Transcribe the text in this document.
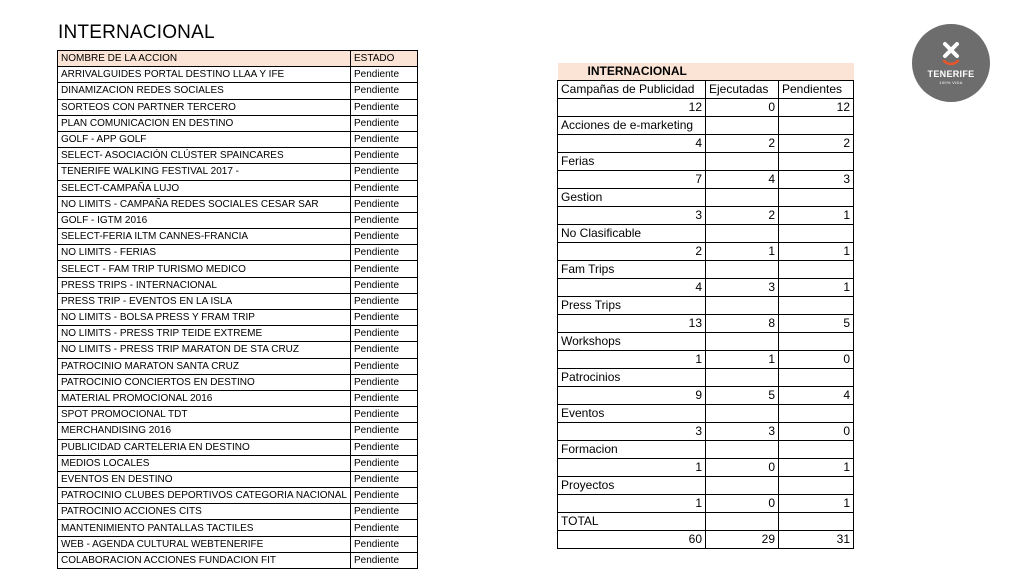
INTERNACIONAL
NOMBRE DE LA ACCION	ESTADO
ARRIVALGUIDES PORTAL DESTINO LLAA Y IFE	Pendiente
DINAMIZACION REDES SOCIALES	Pendiente
SORTEOS CON PARTNER TERCERO	Pendiente
PLAN COMUNICACION EN DESTINO	Pendiente
GOLF - APP GOLF	Pendiente
SELECT- ASOCIACIÓN CLÚSTER SPAINCARES	Pendiente
TENERIFE WALKING FESTIVAL 2017 -	Pendiente
SELECT-CAMPAÑA LUJO	Pendiente
NO LIMITS - CAMPAÑA REDES SOCIALES CESAR SAR	Pendiente
GOLF - IGTM 2016	Pendiente
SELECT-FERIA ILTM CANNES-FRANCIA	Pendiente
NO LIMITS - FERIAS	Pendiente
SELECT - FAM TRIP TURISMO MEDICO	Pendiente
PRESS TRIPS - INTERNACIONAL	Pendiente
PRESS TRIP - EVENTOS EN LA ISLA	Pendiente
NO LIMITS - BOLSA PRESS Y FRAM TRIP	Pendiente
NO LIMITS - PRESS TRIP TEIDE EXTREME	Pendiente
NO LIMITS - PRESS TRIP MARATON DE STA CRUZ	Pendiente
PATROCINIO MARATON SANTA CRUZ	Pendiente
PATROCINIO CONCIERTOS EN DESTINO	Pendiente
MATERIAL PROMOCIONAL 2016	Pendiente
SPOT PROMOCIONAL TDT	Pendiente
MERCHANDISING 2016	Pendiente
PUBLICIDAD CARTELERIA EN DESTINO	Pendiente
MEDIOS LOCALES	Pendiente
EVENTOS EN DESTINO	Pendiente
PATROCINIO CLUBES DEPORTIVOS CATEGORIA NACIONAL	Pendiente
PATROCINIO ACCIONES CITS	Pendiente
MANTENIMIENTO PANTALLAS TACTILES	Pendiente
WEB - AGENDA CULTURAL WEBTENERIFE	Pendiente
COLABORACION ACCIONES FUNDACION FIT	Pendiente
INTERNACIONAL		
Campañas de Publicidad	Ejecutadas	Pendientes
12	0	12
Acciones de e-marketing		
4	2	2
Ferias		
7	4	3
Gestion		
3	2	1
No Clasificable		
2	1	1
Fam Trips		
4	3	1
Press Trips		
13	8	5
Workshops		
1	1	0
Patrocinios		
9	5	4
Eventos		
3	3	0
Formacion		
1	0	1
Proyectos		
1	0	1
TOTAL		
60	29	31
TENERIFE
100% VIDA
